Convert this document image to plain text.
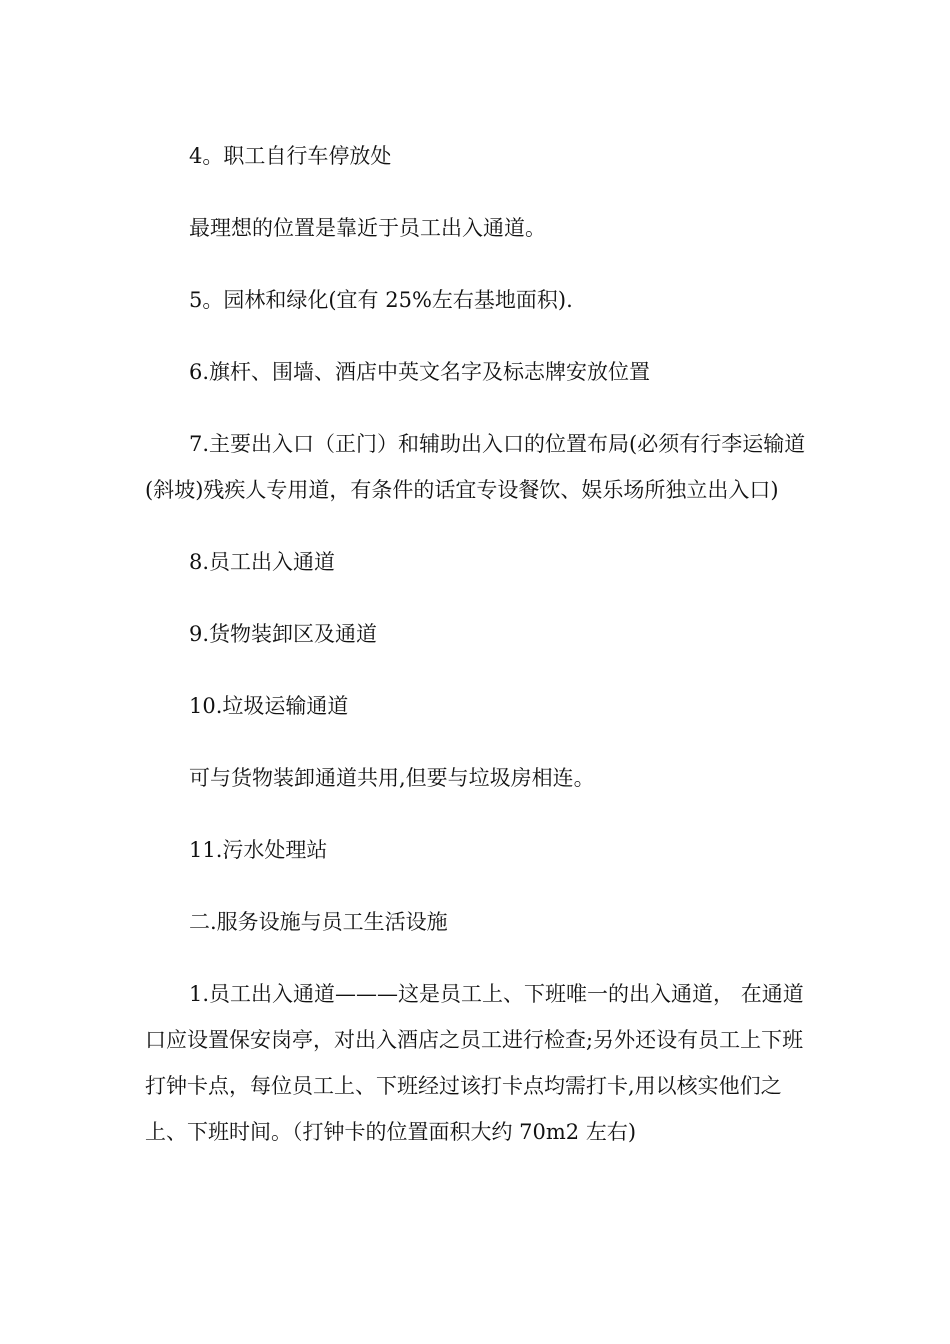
4。职工自行车停放处

最理想的位置是靠近于员工出入通道。

5。园林和绿化(宜有 25%左右基地面积).

6.旗杆、围墙、酒店中英文名字及标志牌安放位置

7.主要出入口（正门）和辅助出入口的位置布局(必须有行李运输道(斜坡)残疾人专用道，有条件的话宜专设餐饮、娱乐场所独立出入口)

8.员工出入通道

9.货物装卸区及通道

10.垃圾运输通道

可与货物装卸通道共用,但要与垃圾房相连。

11.污水处理站

二.服务设施与员工生活设施

1.员工出入通道———这是员工上、下班唯一的出入通道， 在通道口应设置保安岗亭，对出入酒店之员工进行检查;另外还设有员工上下班打钟卡点，每位员工上、下班经过该打卡点均需打卡,用以核实他们之上、下班时间。（打钟卡的位置面积大约 70m2 左右)
